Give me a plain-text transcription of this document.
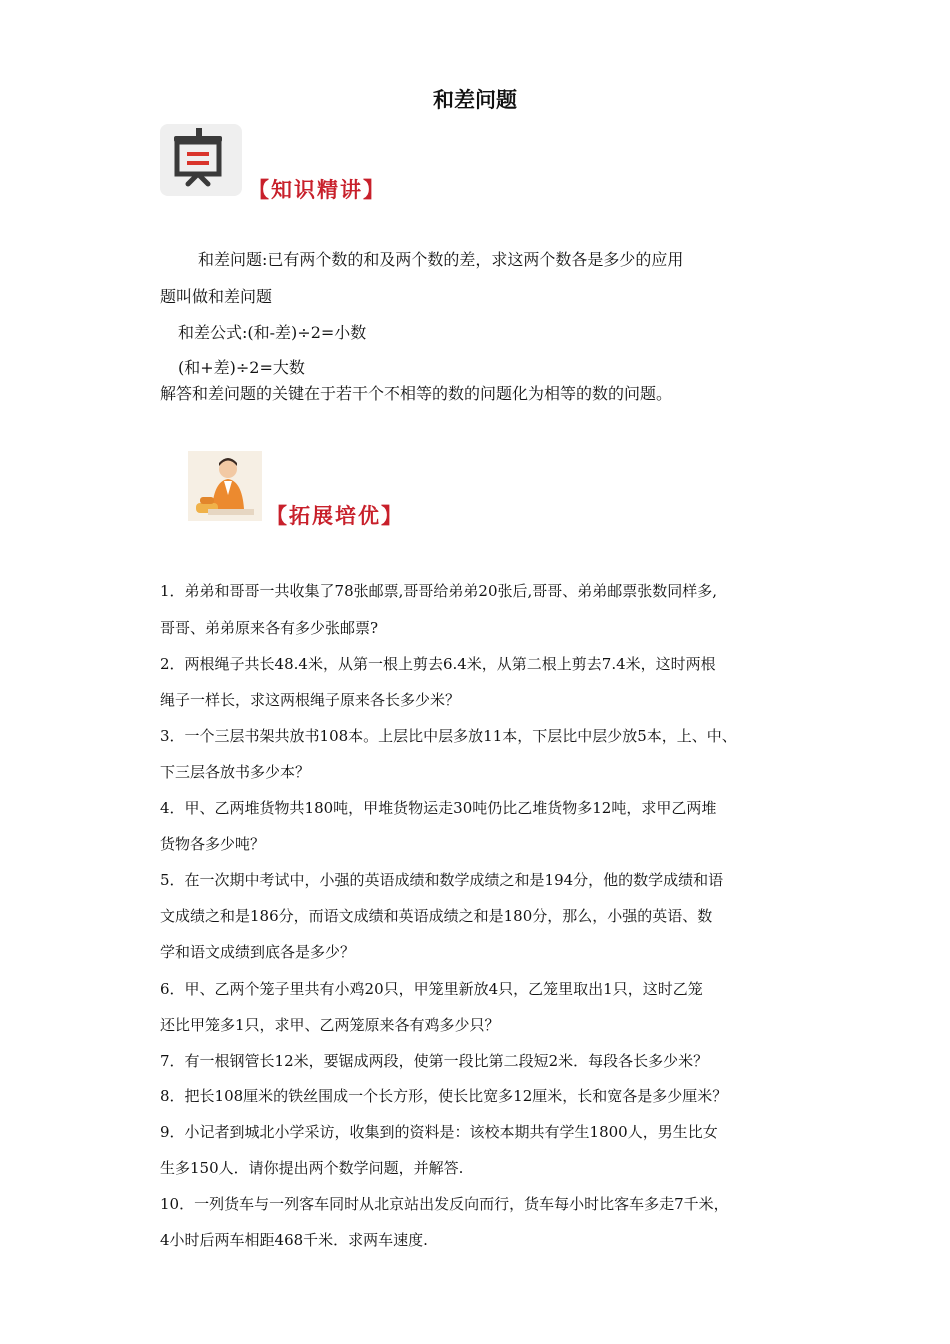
和差问题
【知识精讲】
和差问题:已有两个数的和及两个数的差，求这两个数各是多少的应用
题叫做和差问题
和差公式:(和-差)÷2=小数
(和+差)÷2=大数
解答和差问题的关键在于若干个不相等的数的问题化为相等的数的问题。
【拓展培优】
1．弟弟和哥哥一共收集了78张邮票,哥哥给弟弟20张后,哥哥、弟弟邮票张数同样多,
哥哥、弟弟原来各有多少张邮票?
2．两根绳子共长48.4米，从第一根上剪去6.4米，从第二根上剪去7.4米，这时两根
绳子一样长，求这两根绳子原来各长多少米？
3．一个三层书架共放书108本。上层比中层多放11本，下层比中层少放5本，上、中、
下三层各放书多少本？
4．甲、乙两堆货物共180吨，甲堆货物运走30吨仍比乙堆货物多12吨，求甲乙两堆
货物各多少吨？
5．在一次期中考试中，小强的英语成绩和数学成绩之和是194分，他的数学成绩和语
文成绩之和是186分，而语文成绩和英语成绩之和是180分，那么，小强的英语、数
学和语文成绩到底各是多少？
6．甲、乙两个笼子里共有小鸡20只，甲笼里新放4只，乙笼里取出1只，这时乙笼
还比甲笼多1只，求甲、乙两笼原来各有鸡多少只？
7．有一根钢管长12米，要锯成两段，使第一段比第二段短2米．每段各长多少米？
8．把长108厘米的铁丝围成一个长方形，使长比宽多12厘米，长和宽各是多少厘米？
9．小记者到城北小学采访，收集到的资料是：该校本期共有学生1800人，男生比女
生多150人．请你提出两个数学问题，并解答.
10．一列货车与一列客车同时从北京站出发反向而行，货车每小时比客车多走7千米，
4小时后两车相距468千米．求两车速度.
